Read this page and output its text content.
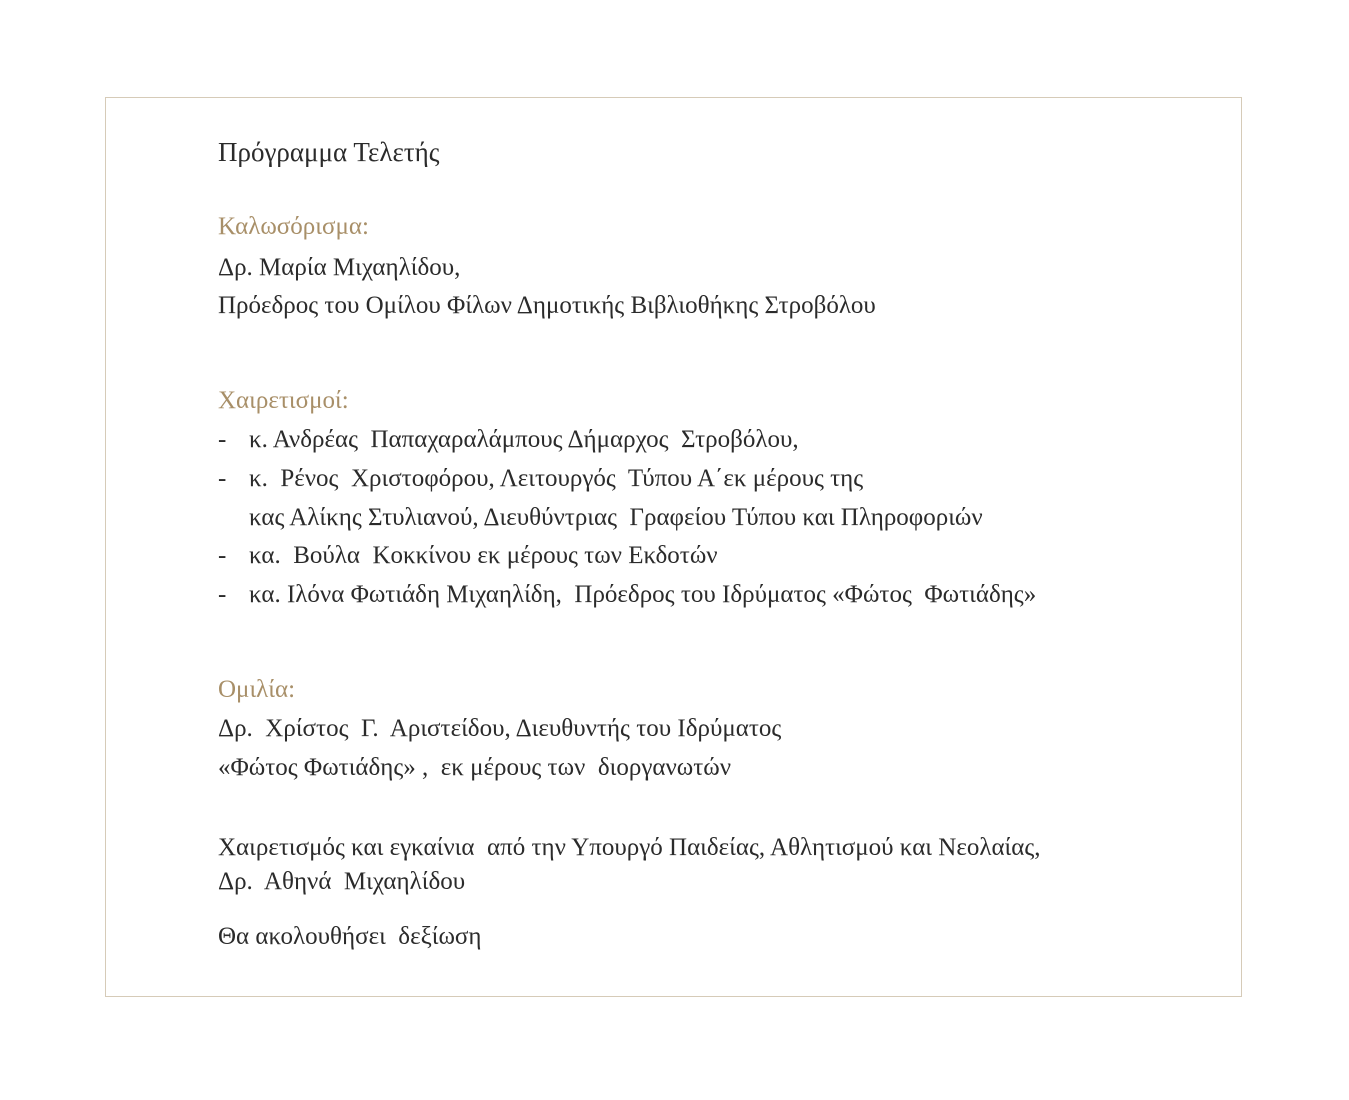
Πρόγραμμα Τελετής
Καλωσόρισμα:
Δρ. Μαρία Μιχαηλίδου,
Πρόεδρος του Ομίλου Φίλων Δημοτικής Βιβλιοθήκης Στροβόλου
Χαιρετισμοί:
- κ. Ανδρέας  Παπαχαραλάμπους Δήμαρχος  Στροβόλου,
- κ.  Ρένος  Χριστοφόρου, Λειτουργός  Τύπου Α΄εκ μέρους της
κας Αλίκης Στυλιανού, Διευθύντριας  Γραφείου Τύπου και Πληροφοριών
- κα.  Βούλα  Κοκκίνου εκ μέρους των Εκδοτών
- κα. Ιλόνα Φωτιάδη Μιχαηλίδη,  Πρόεδρος του Ιδρύματος «Φώτος  Φωτιάδης»
Ομιλία:
Δρ.  Χρίστος  Γ.  Αριστείδου, Διευθυντής του Ιδρύματος
«Φώτος Φωτιάδης» ,  εκ μέρους των  διοργανωτών
Χαιρετισμός και εγκαίνια  από την Υπουργό Παιδείας, Αθλητισμού και Νεολαίας,
Δρ.  Αθηνά  Μιχαηλίδου
Θα ακολουθήσει  δεξίωση
